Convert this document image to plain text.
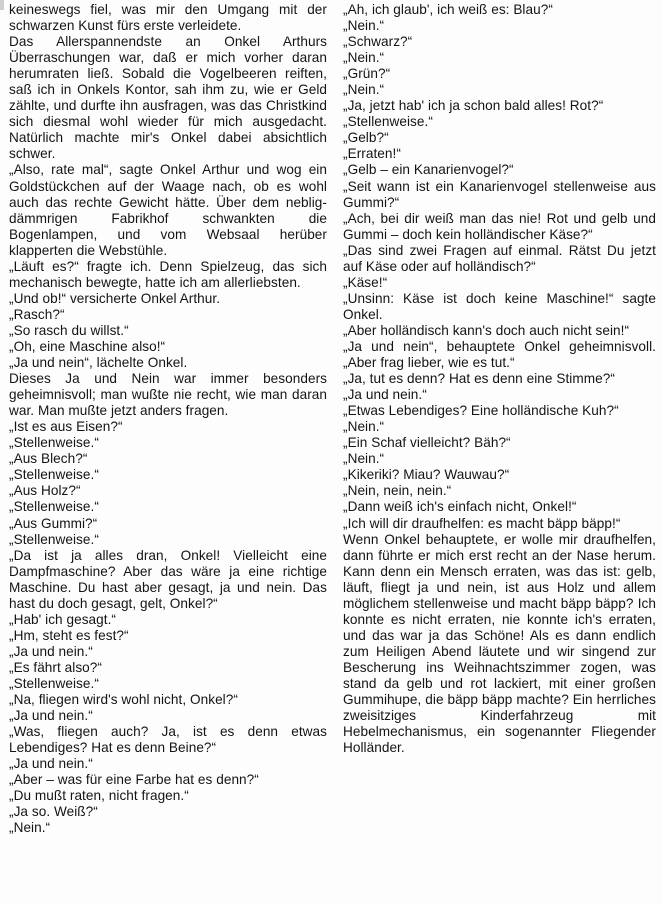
keineswegs fiel, was mir den Umgang mit der schwarzen Kunst fürs erste verleidete.

Das Allerspannendste an Onkel Arthurs Überraschungen war, daß er mich vorher daran herumraten ließ. Sobald die Vogelbeeren reiften, saß ich in Onkels Kontor, sah ihm zu, wie er Geld zählte, und durfte ihn ausfragen, was das Christkind sich diesmal wohl wieder für mich ausgedacht. Natürlich machte mir's Onkel dabei absichtlich schwer.

„Also, rate mal“, sagte Onkel Arthur und wog ein Goldstückchen auf der Waage nach, ob es wohl auch das rechte Gewicht hätte. Über dem neblig-dämmrigen Fabrikhof schwankten die Bogenlampen, und vom Websaal herüber klapperten die Webstühle.

„Läuft es?“ fragte ich. Denn Spielzeug, das sich mechanisch bewegte, hatte ich am allerliebsten.

„Und ob!“ versicherte Onkel Arthur.

„Rasch?“

„So rasch du willst.“

„Oh, eine Maschine also!“

„Ja und nein“, lächelte Onkel.

Dieses Ja und Nein war immer besonders geheimnisvoll; man wußte nie recht, wie man daran war. Man mußte jetzt anders fragen.

„Ist es aus Eisen?“

„Stellenweise.“

„Aus Blech?“

„Stellenweise.“

„Aus Holz?“

„Stellenweise.“

„Aus Gummi?“

„Stellenweise.“

„Da ist ja alles dran, Onkel! Vielleicht eine Dampfmaschine? Aber das wäre ja eine richtige Maschine. Du hast aber gesagt, ja und nein. Das hast du doch gesagt, gelt, Onkel?“

„Hab' ich gesagt.“

„Hm, steht es fest?“

„Ja und nein.“

„Es fährt also?“

„Stellenweise.“

„Na, fliegen wird's wohl nicht, Onkel?“

„Ja und nein.“

„Was, fliegen auch? Ja, ist es denn etwas Lebendiges? Hat es denn Beine?“

„Ja und nein.“

„Aber – was für eine Farbe hat es denn?“

„Du mußt raten, nicht fragen.“

„Ja so. Weiß?“

„Nein.“

„Ah, ich glaub', ich weiß es: Blau?“

„Nein.“

„Schwarz?“

„Nein.“

„Grün?“

„Nein.“

„Ja, jetzt hab' ich ja schon bald alles! Rot?“

„Stellenweise.“

„Gelb?“

„Erraten!“

„Gelb – ein Kanarienvogel?“

„Seit wann ist ein Kanarienvogel stellenweise aus Gummi?“

„Ach, bei dir weiß man das nie! Rot und gelb und Gummi – doch kein holländischer Käse?“

„Das sind zwei Fragen auf einmal. Rätst Du jetzt auf Käse oder auf holländisch?“

„Käse!“

„Unsinn: Käse ist doch keine Maschine!“ sagte Onkel.

„Aber holländisch kann's doch auch nicht sein!“

„Ja und nein“, behauptete Onkel geheimnisvoll. „Aber frag lieber, wie es tut.“

„Ja, tut es denn? Hat es denn eine Stimme?“

„Ja und nein.“

„Etwas Lebendiges? Eine holländische Kuh?“

„Nein.“

„Ein Schaf vielleicht? Bäh?“

„Nein.“

„Kikeriki? Miau? Wauwau?“

„Nein, nein, nein.“

„Dann weiß ich's einfach nicht, Onkel!“

„Ich will dir draufhelfen: es macht bäpp bäpp!“

Wenn Onkel behauptete, er wolle mir draufhelfen, dann führte er mich erst recht an der Nase herum. Kann denn ein Mensch erraten, was das ist: gelb, läuft, fliegt ja und nein, ist aus Holz und allem möglichem stellenweise und macht bäpp bäpp? Ich konnte es nicht erraten, nie konnte ich's erraten, und das war ja das Schöne! Als es dann endlich zum Heiligen Abend läutete und wir singend zur Bescherung ins Weihnachtszimmer zogen, was stand da gelb und rot lackiert, mit einer großen Gummihupe, die bäpp bäpp machte? Ein herrliches zweisitziges Kinderfahrzeug mit Hebelmechanismus, ein sogenannter Fliegender Holländer.
